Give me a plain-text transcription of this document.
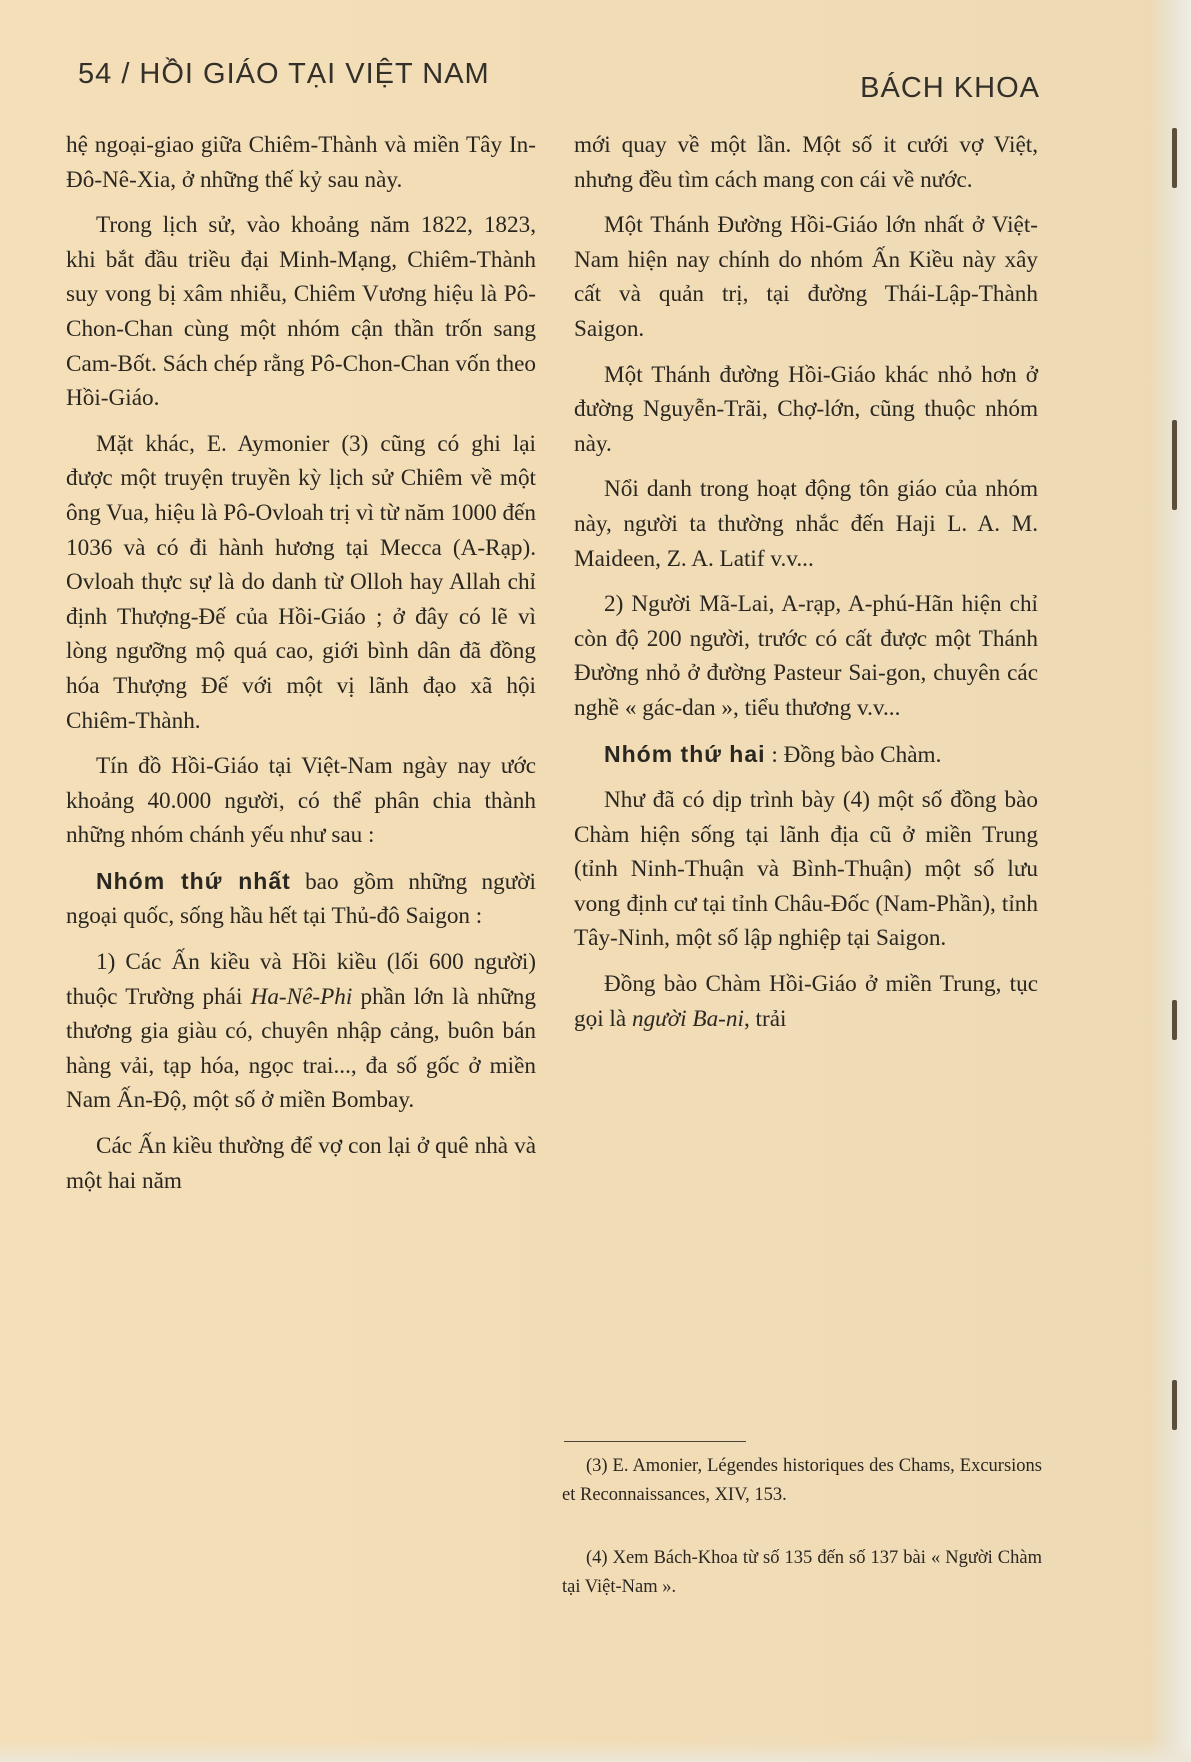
54 / HỒI GIÁO TẠI VIỆT NAM	BÁCH KHOA

hệ ngoại-giao giữa Chiêm-Thành và miền Tây In-Đô-Nê-Xia, ở những thế kỷ sau này.

Trong lịch sử, vào khoảng năm 1822, 1823, khi bắt đầu triều đại Minh-Mạng, Chiêm-Thành suy vong bị xâm nhiễu, Chiêm Vương hiệu là Pô-Chon-Chan cùng một nhóm cận thần trốn sang Cam-Bốt. Sách chép rằng Pô-Chon-Chan vốn theo Hồi-Giáo.

Mặt khác, E. Aymonier (3) cũng có ghi lại được một truyện truyền kỳ lịch sử Chiêm về một ông Vua, hiệu là Pô-Ovloah trị vì từ năm 1000 đến 1036 và có đi hành hương tại Mecca (A-Rạp). Ovloah thực sự là do danh từ Olloh hay Allah chỉ định Thượng-Đế của Hồi-Giáo ; ở đây có lẽ vì lòng ngưỡng mộ quá cao, giới bình dân đã đồng hóa Thượng Đế với một vị lãnh đạo xã hội Chiêm-Thành.

Tín đồ Hồi-Giáo tại Việt-Nam ngày nay ước khoảng 40.000 người, có thể phân chia thành những nhóm chánh yếu như sau :

Nhóm thứ nhất bao gồm những người ngoại quốc, sống hầu hết tại Thủ-đô Saigon :

1) Các Ấn kiều và Hồi kiều (lối 600 người) thuộc Trường phái Ha-Nê-Phi phần lớn là những thương gia giàu có, chuyên nhập cảng, buôn bán hàng vải, tạp hóa, ngọc trai..., đa số gốc ở miền Nam Ấn-Độ, một số ở miền Bombay.

Các Ấn kiều thường để vợ con lại ở quê nhà và một hai năm

mới quay về một lần. Một số it cưới vợ Việt, nhưng đều tìm cách mang con cái về nước.

Một Thánh Đường Hồi-Giáo lớn nhất ở Việt-Nam hiện nay chính do nhóm Ấn Kiều này xây cất và quản trị, tại đường Thái-Lập-Thành Saigon.

Một Thánh đường Hồi-Giáo khác nhỏ hơn ở đường Nguyễn-Trãi, Chợ-lớn, cũng thuộc nhóm này.

Nổi danh trong hoạt động tôn giáo của nhóm này, người ta thường nhắc đến Haji L. A. M. Maideen, Z. A. Latif v.v...

2) Người Mã-Lai, A-rạp, A-phú-Hãn hiện chỉ còn độ 200 người, trước có cất được một Thánh Đường nhỏ ở đường Pasteur Sai-gon, chuyên các nghề « gác-dan », tiểu thương v.v...

Nhóm thứ hai : Đồng bào Chàm.

Như đã có dịp trình bày (4) một số đồng bào Chàm hiện sống tại lãnh địa cũ ở miền Trung (tỉnh Ninh-Thuận và Bình-Thuận) một số lưu vong định cư tại tỉnh Châu-Đốc (Nam-Phần), tỉnh Tây-Ninh, một số lập nghiệp tại Saigon.

Đồng bào Chàm Hồi-Giáo ở miền Trung, tục gọi là người Ba-ni, trải

(3) E. Amonier, Légendes historiques des Chams, Excursions et Reconnaissances, XIV, 153.

(4) Xem Bách-Khoa từ số 135 đến số 137 bài « Người Chàm tại Việt-Nam ».
